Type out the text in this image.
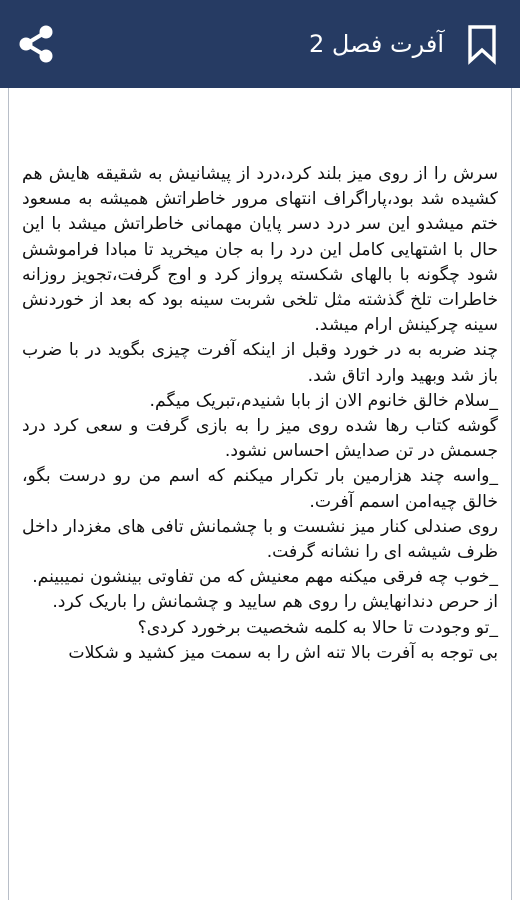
آفرت فصل 2

سرش را از روی میز بلند کرد،درد از پیشانیش به شقیقه هایش هم کشیده شد بود،پاراگراف انتهای مرور خاطراتش همیشه به مسعود ختم میشدو این سر درد دسر پایان مهمانی خاطراتش میشد با این حال با اشتهایی کامل این درد را به جان میخرید تا مبادا فراموشش شود چگونه با بالهای شکسته پرواز کرد و اوج گرفت،تجویز روزانه خاطرات تلخ گذشته مثل تلخی شربت سینه بود که بعد از خوردنش سینه چرکینش ارام میشد.
چند ضربه به در خورد وقبل از اینکه آفرت چیزی بگوید در با ضرب باز شد وبهید وارد اتاق شد.
_سلام خالق خانوم الان از بابا شنیدم،تبریک میگم.
گوشه کتاب رها شده روی میز را به بازی گرفت و سعی کرد درد جسمش در تن صدایش احساس نشود.
_واسه چند هزارمین بار تکرار میکنم که اسم من رو درست بگو، خالق چیه‌امن اسمم آفرت.
روی صندلی کنار میز نشست و با چشمانش تافی های مغزدار داخل ظرف شیشه ای را نشانه گرفت.
_خوب چه فرقی میکنه مهم معنیش که من تفاوتی بینشون نمیبینم.
از حرص دندانهایش را روی هم سایید و چشمانش را باریک کرد.
_تو وجودت تا حالا به کلمه شخصیت برخورد کردی؟
بی توجه به آفرت بالا تنه اش را به سمت میز کشید و شکلات
